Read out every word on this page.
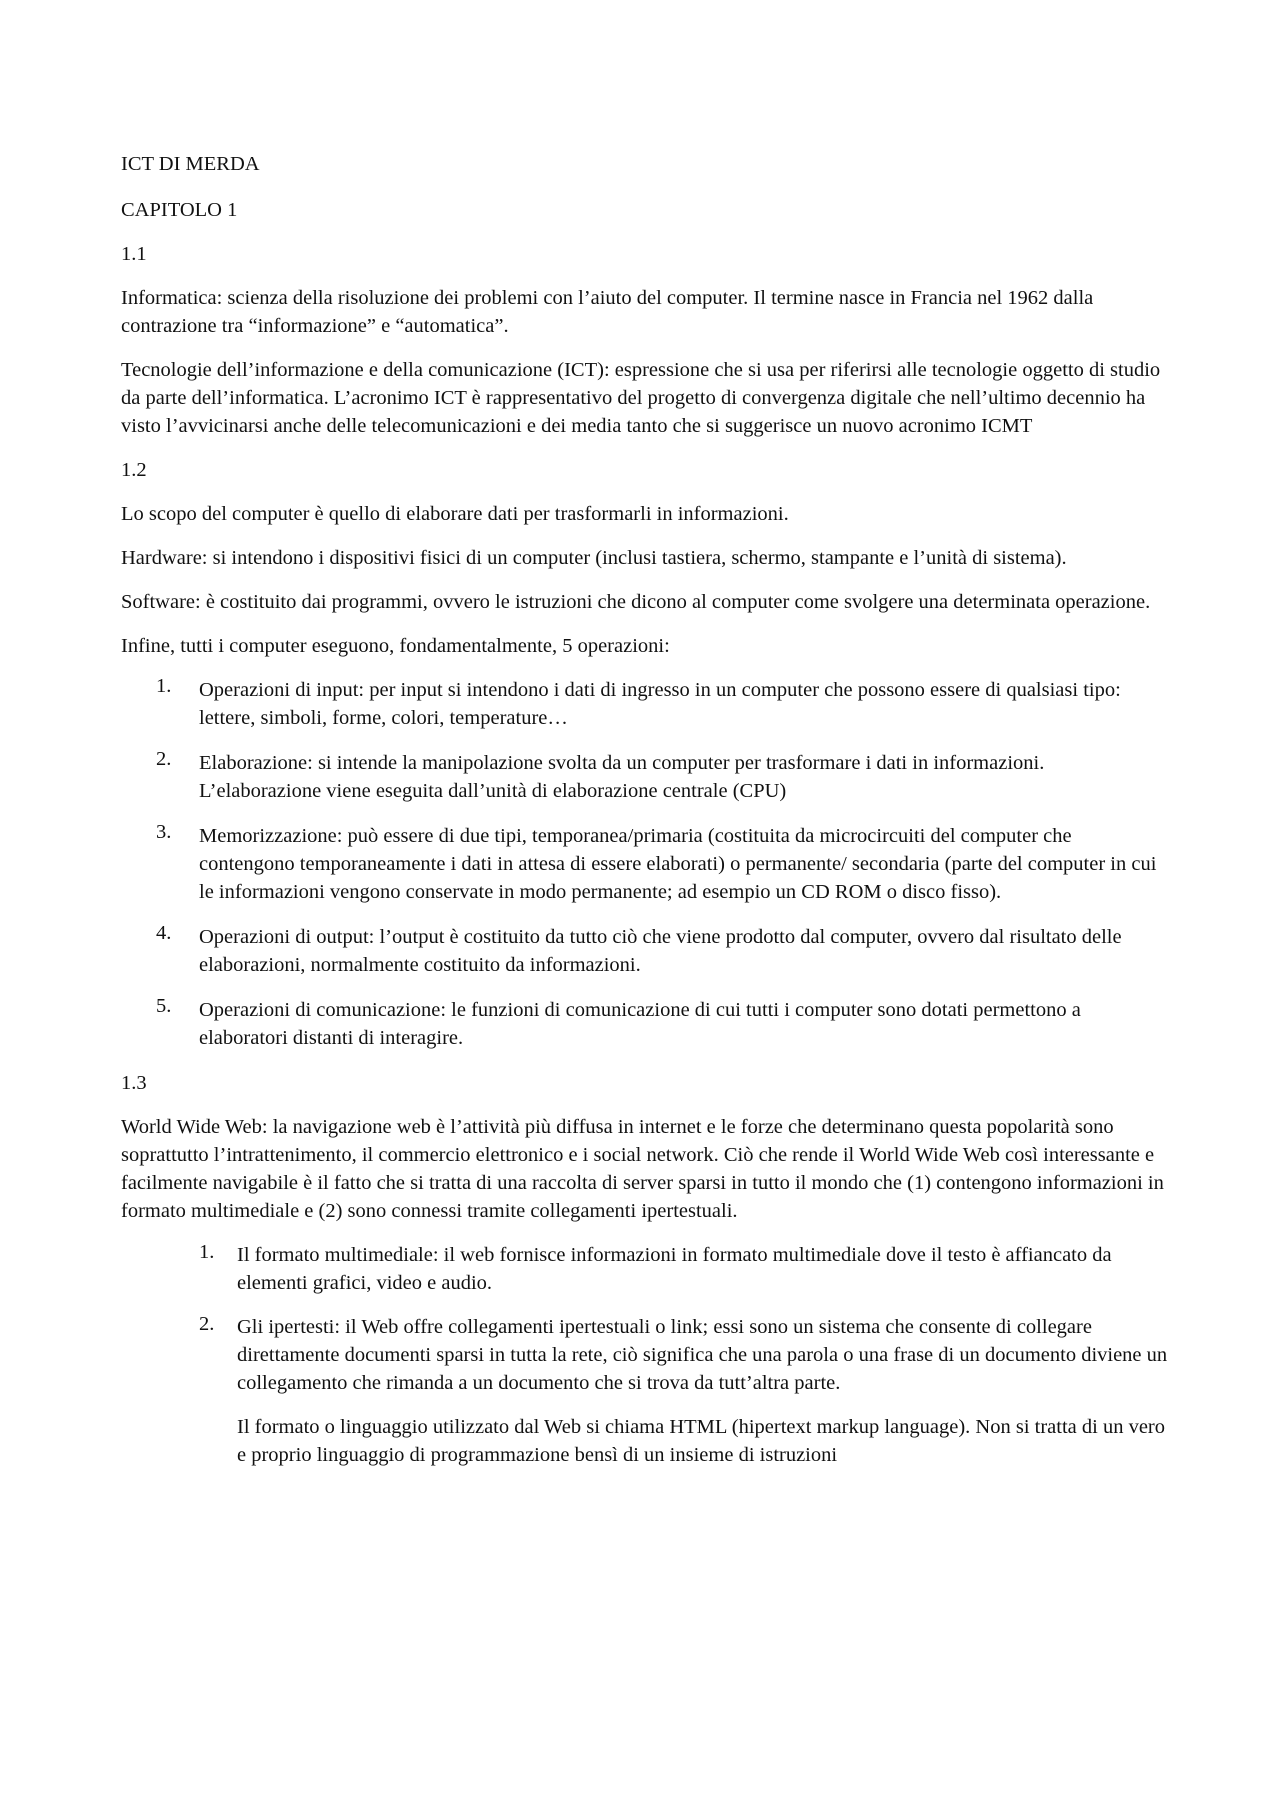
ICT DI MERDA
CAPITOLO 1
1.1
Informatica: scienza della risoluzione dei problemi con l’aiuto del computer. Il termine nasce in Francia nel 1962 dalla contrazione tra “informazione” e “automatica”.
Tecnologie dell’informazione e della comunicazione (ICT): espressione che si usa per riferirsi alle tecnologie oggetto di studio da parte dell’informatica. L’acronimo ICT è rappresentativo del progetto di convergenza digitale che nell’ultimo decennio ha visto l’avvicinarsi anche delle telecomunicazioni e dei media tanto che si suggerisce un nuovo acronimo ICMT
1.2
Lo scopo del computer è quello di elaborare dati per trasformarli in informazioni.
Hardware: si intendono i dispositivi fisici di un computer (inclusi tastiera, schermo, stampante e l’unità di sistema).
Software: è costituito dai programmi, ovvero le istruzioni che dicono al computer come svolgere una determinata operazione.
Infine, tutti i computer eseguono, fondamentalmente, 5 operazioni:
1.	Operazioni di input: per input si intendono i dati di ingresso in un computer che possono essere di qualsiasi tipo: lettere, simboli, forme, colori, temperature…
2.	Elaborazione: si intende la manipolazione svolta da un computer per trasformare i dati in informazioni. L’elaborazione viene eseguita dall’unità di elaborazione centrale (CPU)
3.	Memorizzazione: può essere di due tipi, temporanea/primaria (costituita da microcircuiti del computer che contengono temporaneamente i dati in attesa di essere elaborati) o permanente/ secondaria (parte del computer in cui le informazioni vengono conservate in modo permanente; ad esempio un CD ROM o disco fisso).
4.	Operazioni di output: l’output è costituito da tutto ciò che viene prodotto dal computer, ovvero dal risultato delle elaborazioni, normalmente costituito da informazioni.
5.	Operazioni di comunicazione: le funzioni di comunicazione di cui tutti i computer sono dotati permettono a elaboratori distanti di interagire.
1.3
World Wide Web: la navigazione web è l’attività più diffusa in internet e le forze che determinano questa popolarità sono soprattutto l’intrattenimento, il commercio elettronico e i social network. Ciò che rende il World Wide Web così interessante e facilmente navigabile è il fatto che si tratta di una raccolta di server sparsi in tutto il mondo che (1) contengono informazioni in formato multimediale e (2) sono connessi tramite collegamenti ipertestuali.
1. Il formato multimediale: il web fornisce informazioni in formato multimediale dove il testo è affiancato da elementi grafici, video e audio.
2. Gli ipertesti: il Web offre collegamenti ipertestuali o link; essi sono un sistema che consente di collegare direttamente documenti sparsi in tutta la rete, ciò significa che una parola o una frase di un documento diviene un collegamento che rimanda a un documento che si trova da tutt’altra parte.
Il formato o linguaggio utilizzato dal Web si chiama HTML (hipertext markup language). Non si tratta di un vero e proprio linguaggio di programmazione bensì di un insieme di istruzioni
